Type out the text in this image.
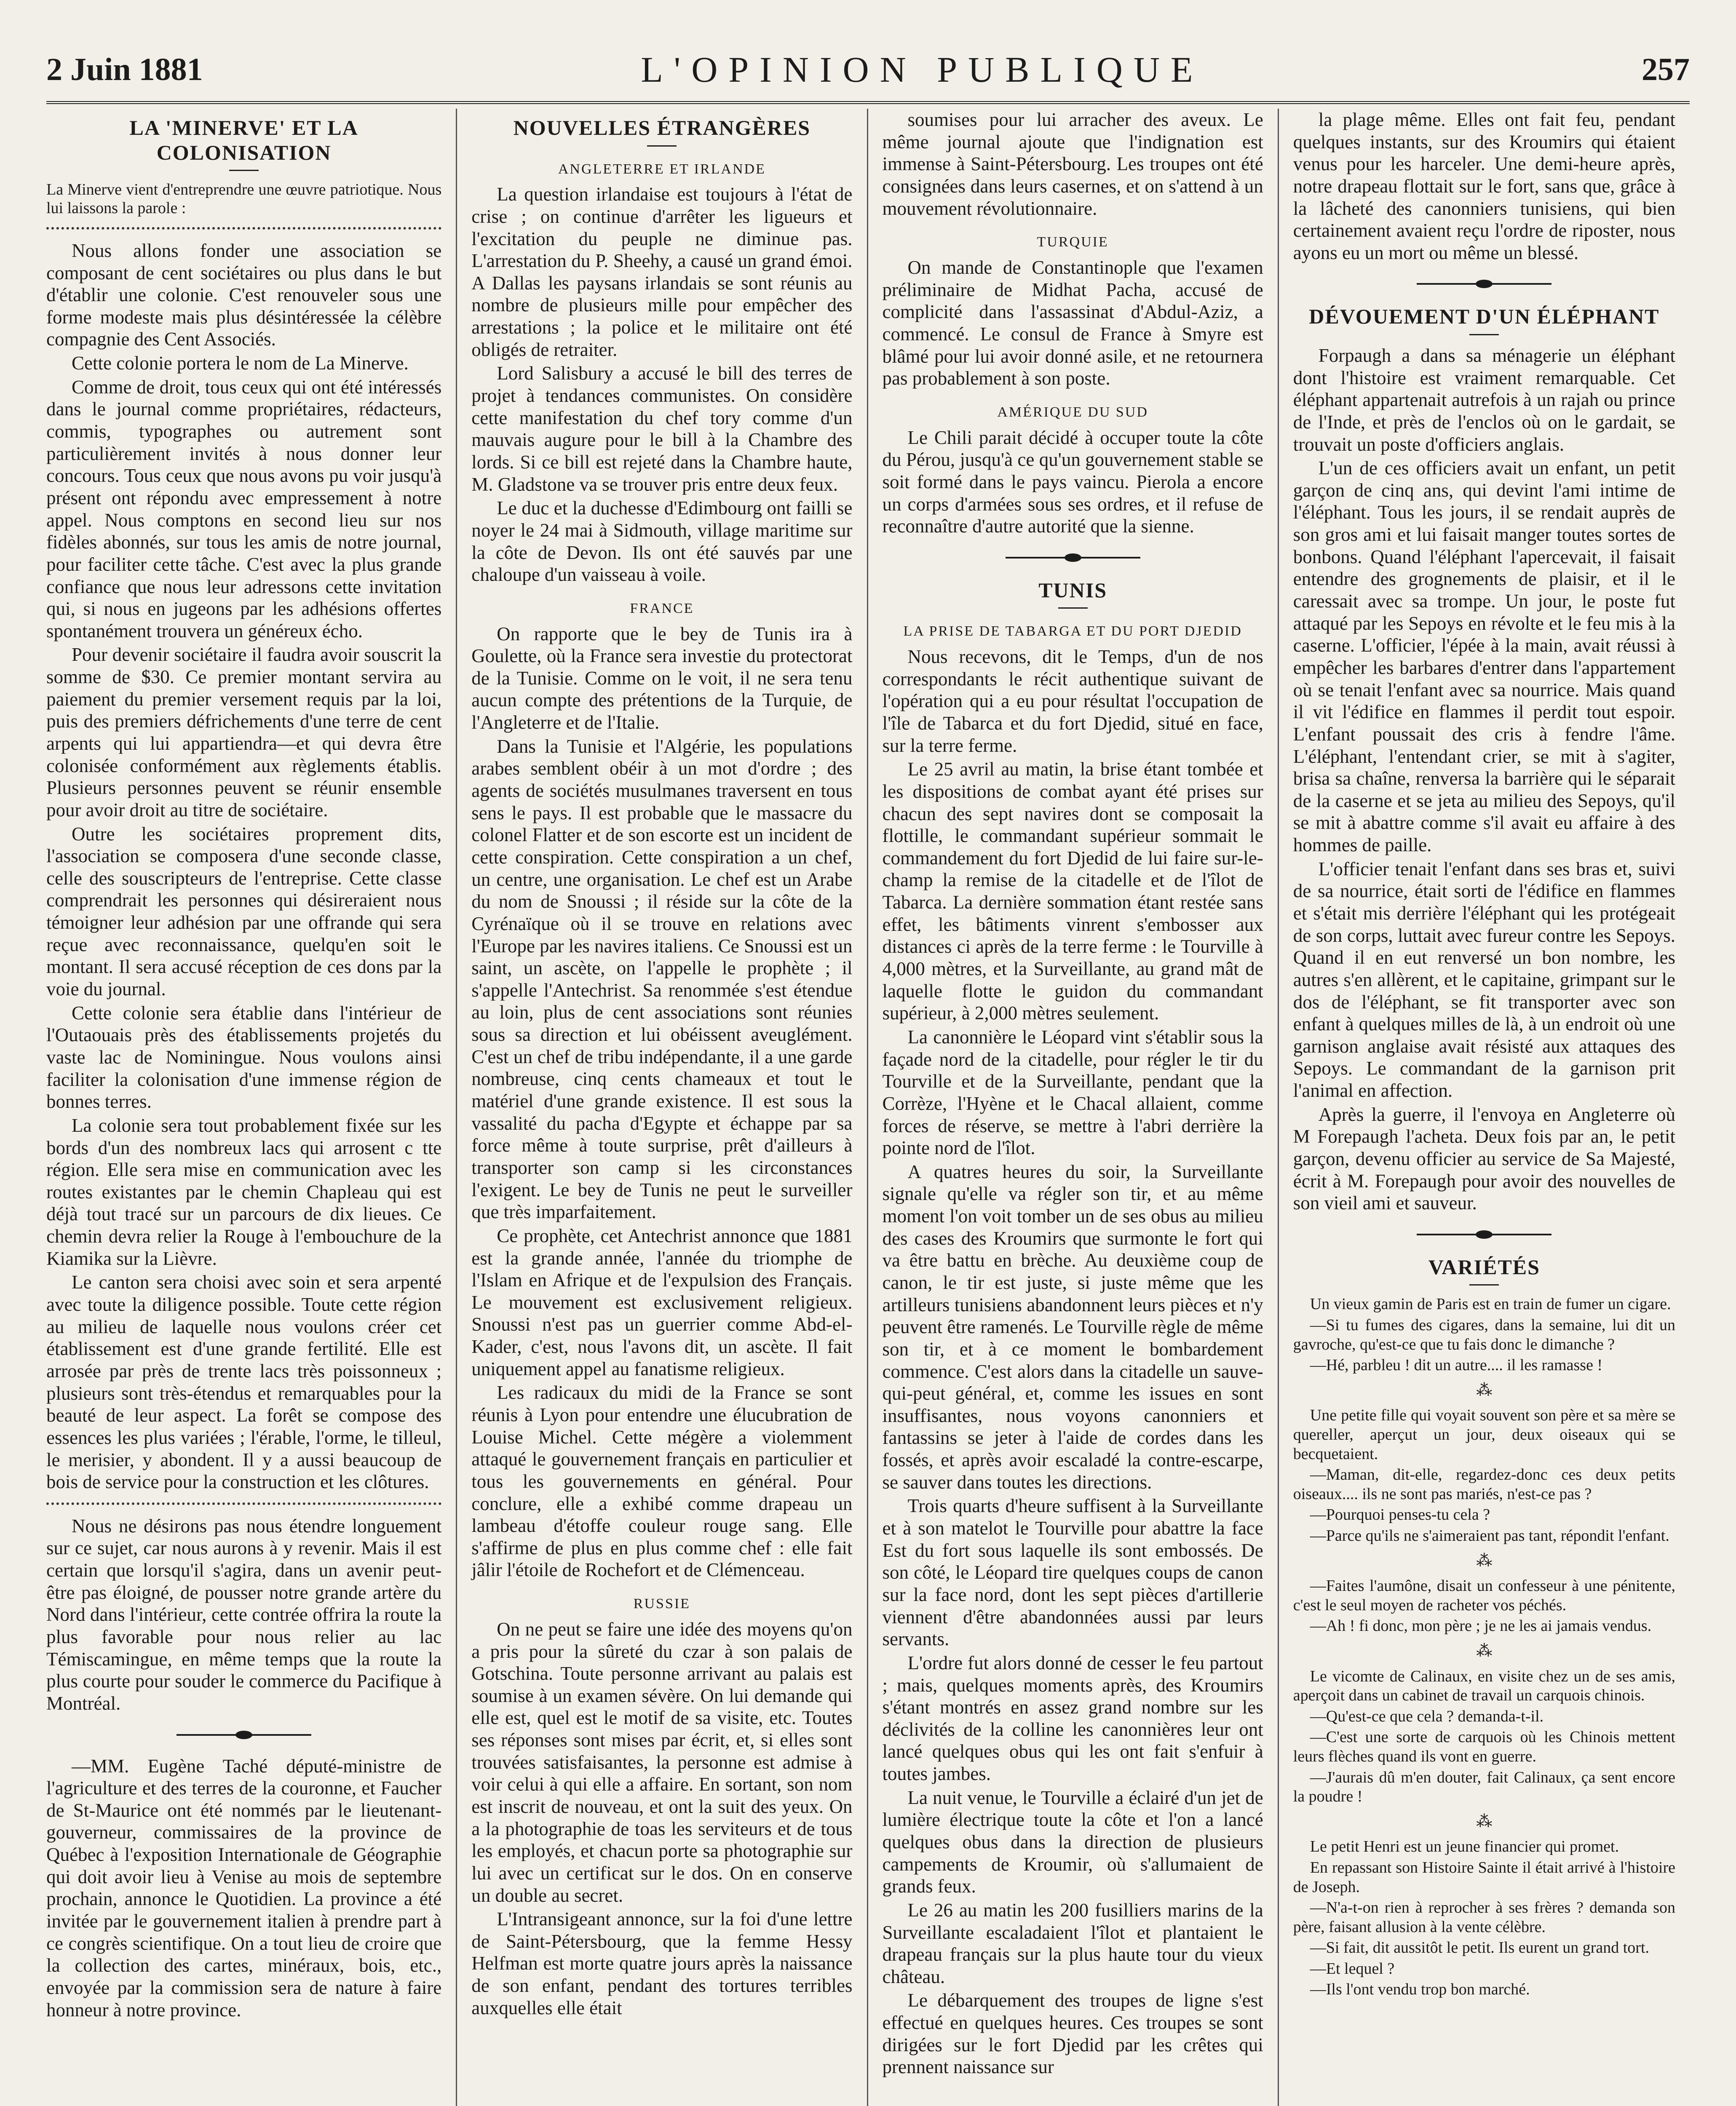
2 Juin 1881	L'OPINION PUBLIQUE	257
LA 'MINERVE' ET LA COLONISATION

La Minerve vient d'entreprendre une œuvre patriotique. Nous lui laissons la parole :

Nous allons fonder une association se composant de cent sociétaires ou plus dans le but d'établir une colonie. C'est renouveler sous une forme modeste mais plus désintéressée la célèbre compagnie des Cent Associés.

Cette colonie portera le nom de La Minerve.

Comme de droit, tous ceux qui ont été intéressés dans le journal comme propriétaires, rédacteurs, commis, typographes ou autrement sont particulièrement invités à nous donner leur concours. Tous ceux que nous avons pu voir jusqu'à présent ont répondu avec empressement à notre appel. Nous comptons en second lieu sur nos fidèles abonnés, sur tous les amis de notre journal, pour faciliter cette tâche. C'est avec la plus grande confiance que nous leur adressons cette invitation qui, si nous en jugeons par les adhésions offertes spontanément trouvera un généreux écho.

Pour devenir sociétaire il faudra avoir souscrit la somme de $30. Ce premier montant servira au paiement du premier versement requis par la loi, puis des premiers défrichements d'une terre de cent arpents qui lui appartiendra—et qui devra être colonisée conformément aux règlements établis. Plusieurs personnes peuvent se réunir ensemble pour avoir droit au titre de sociétaire.

Outre les sociétaires proprement dits, l'association se composera d'une seconde classe, celle des souscripteurs de l'entreprise. Cette classe comprendrait les personnes qui désireraient nous témoigner leur adhésion par une offrande qui sera reçue avec reconnaissance, quelqu'en soit le montant. Il sera accusé réception de ces dons par la voie du journal.

Cette colonie sera établie dans l'intérieur de l'Outaouais près des établissements projetés du vaste lac de Nominingue. Nous voulons ainsi faciliter la colonisation d'une immense région de bonnes terres.

La colonie sera tout probablement fixée sur les bords d'un des nombreux lacs qui arrosent c tte région. Elle sera mise en communication avec les routes existantes par le chemin Chapleau qui est déjà tout tracé sur un parcours de dix lieues. Ce chemin devra relier la Rouge à l'embouchure de la Kiamika sur la Lièvre.

Le canton sera choisi avec soin et sera arpenté avec toute la diligence possible. Toute cette région au milieu de laquelle nous voulons créer cet établissement est d'une grande fertilité. Elle est arrosée par près de trente lacs très poissonneux ; plusieurs sont très-étendus et remarquables pour la beauté de leur aspect. La forêt se compose des essences les plus variées ; l'érable, l'orme, le tilleul, le merisier, y abondent. Il y a aussi beaucoup de bois de service pour la construction et les clôtures.

Nous ne désirons pas nous étendre longuement sur ce sujet, car nous aurons à y revenir. Mais il est certain que lorsqu'il s'agira, dans un avenir peut-être pas éloigné, de pousser notre grande artère du Nord dans l'intérieur, cette contrée offrira la route la plus favorable pour nous relier au lac Témiscamingue, en même temps que la route la plus courte pour souder le commerce du Pacifique à Montréal.

—MM. Eugène Taché député-ministre de l'agriculture et des terres de la couronne, et Faucher de St-Maurice ont été nommés par le lieutenant-gouverneur, commissaires de la province de Québec à l'exposition Internationale de Géographie qui doit avoir lieu à Venise au mois de septembre prochain, annonce le Quotidien. La province a été invitée par le gouvernement italien à prendre part à ce congrès scientifique. On a tout lieu de croire que la collection des cartes, minéraux, bois, etc., envoyée par la commission sera de nature à faire honneur à notre province.

NOUVELLES ÉTRANGÈRES
ANGLETERRE ET IRLANDE

La question irlandaise est toujours à l'état de crise ; on continue d'arrêter les ligueurs et l'excitation du peuple ne diminue pas. L'arrestation du P. Sheehy, a causé un grand émoi. A Dallas les paysans irlandais se sont réunis au nombre de plusieurs mille pour empêcher des arrestations ; la police et le militaire ont été obligés de retraiter.

Lord Salisbury a accusé le bill des terres de projet à tendances communistes. On considère cette manifestation du chef tory comme d'un mauvais augure pour le bill à la Chambre des lords. Si ce bill est rejeté dans la Chambre haute, M. Gladstone va se trouver pris entre deux feux.

Le duc et la duchesse d'Edimbourg ont failli se noyer le 24 mai à Sidmouth, village maritime sur la côte de Devon. Ils ont été sauvés par une chaloupe d'un vaisseau à voile.

FRANCE

On rapporte que le bey de Tunis ira à Goulette, où la France sera investie du protectorat de la Tunisie. Comme on le voit, il ne sera tenu aucun compte des prétentions de la Turquie, de l'Angleterre et de l'Italie.

Dans la Tunisie et l'Algérie, les populations arabes semblent obéir à un mot d'ordre ; des agents de sociétés musulmanes traversent en tous sens le pays. Il est probable que le massacre du colonel Flatter et de son escorte est un incident de cette conspiration. Cette conspiration a un chef, un centre, une organisation. Le chef est un Arabe du nom de Snoussi ; il réside sur la côte de la Cyrénaïque où il se trouve en relations avec l'Europe par les navires italiens. Ce Snoussi est un saint, un ascète, on l'appelle le prophète ; il s'appelle l'Antechrist. Sa renommée s'est étendue au loin, plus de cent associations sont réunies sous sa direction et lui obéissent aveuglément. C'est un chef de tribu indépendante, il a une garde nombreuse, cinq cents chameaux et tout le matériel d'une grande existence. Il est sous la vassalité du pacha d'Egypte et échappe par sa force même à toute surprise, prêt d'ailleurs à transporter son camp si les circonstances l'exigent. Le bey de Tunis ne peut le surveiller que très imparfaitement.

Ce prophète, cet Antechrist annonce que 1881 est la grande année, l'année du triomphe de l'Islam en Afrique et de l'expulsion des Français. Le mouvement est exclusivement religieux. Snoussi n'est pas un guerrier comme Abd-el-Kader, c'est, nous l'avons dit, un ascète. Il fait uniquement appel au fanatisme religieux.

Les radicaux du midi de la France se sont réunis à Lyon pour entendre une élucubration de Louise Michel. Cette mégère a violemment attaqué le gouvernement français en particulier et tous les gouvernements en général. Pour conclure, elle a exhibé comme drapeau un lambeau d'étoffe couleur rouge sang. Elle s'affirme de plus en plus comme chef : elle fait jâlir l'étoile de Rochefort et de Clémenceau.

RUSSIE

On ne peut se faire une idée des moyens qu'on a pris pour la sûreté du czar à son palais de Gotschina. Toute personne arrivant au palais est soumise à un examen sévère. On lui demande qui elle est, quel est le motif de sa visite, etc. Toutes ses réponses sont mises par écrit, et, si elles sont trouvées satisfaisantes, la personne est admise à voir celui à qui elle a affaire. En sortant, son nom est inscrit de nouveau, et ont la suit des yeux. On a la photographie de toas les serviteurs et de tous les employés, et chacun porte sa photographie sur lui avec un certificat sur le dos. On en conserve un double au secret.

L'Intransigeant annonce, sur la foi d'une lettre de Saint-Pétersbourg, que la femme Hessy Helfman est morte quatre jours après la naissance de son enfant, pendant des tortures terribles auxquelles elle était

soumises pour lui arracher des aveux. Le même journal ajoute que l'indignation est immense à Saint-Pétersbourg. Les troupes ont été consignées dans leurs casernes, et on s'attend à un mouvement révolutionnaire.

TURQUIE

On mande de Constantinople que l'examen préliminaire de Midhat Pacha, accusé de complicité dans l'assassinat d'Abdul-Aziz, a commencé. Le consul de France à Smyre est blâmé pour lui avoir donné asile, et ne retournera pas probablement à son poste.

AMÉRIQUE DU SUD

Le Chili parait décidé à occuper toute la côte du Pérou, jusqu'à ce qu'un gouvernement stable se soit formé dans le pays vaincu. Pierola a encore un corps d'armées sous ses ordres, et il refuse de reconnaître d'autre autorité que la sienne.

TUNIS
LA PRISE DE TABARGA ET DU PORT DJEDID

Nous recevons, dit le Temps, d'un de nos correspondants le récit authentique suivant de l'opération qui a eu pour résultat l'occupation de l'île de Tabarca et du fort Djedid, situé en face, sur la terre ferme.

Le 25 avril au matin, la brise étant tombée et les dispositions de combat ayant été prises sur chacun des sept navires dont se composait la flottille, le commandant supérieur sommait le commandement du fort Djedid de lui faire sur-le-champ la remise de la citadelle et de l'îlot de Tabarca. La dernière sommation étant restée sans effet, les bâtiments vinrent s'embosser aux distances ci après de la terre ferme : le Tourville à 4,000 mètres, et la Surveillante, au grand mât de laquelle flotte le guidon du commandant supérieur, à 2,000 mètres seulement.

La canonnière le Léopard vint s'établir sous la façade nord de la citadelle, pour régler le tir du Tourville et de la Surveillante, pendant que la Corrèze, l'Hyène et le Chacal allaient, comme forces de réserve, se mettre à l'abri derrière la pointe nord de l'îlot.

A quatres heures du soir, la Surveillante signale qu'elle va régler son tir, et au même moment l'on voit tomber un de ses obus au milieu des cases des Kroumirs que surmonte le fort qui va être battu en brèche. Au deuxième coup de canon, le tir est juste, si juste même que les artilleurs tunisiens abandonnent leurs pièces et n'y peuvent être ramenés. Le Tourville règle de même son tir, et à ce moment le bombardement commence. C'est alors dans la citadelle un sauve-qui-peut général, et, comme les issues en sont insuffisantes, nous voyons canonniers et fantassins se jeter à l'aide de cordes dans les fossés, et après avoir escaladé la contre-escarpe, se sauver dans toutes les directions.

Trois quarts d'heure suffisent à la Surveillante et à son matelot le Tourville pour abattre la face Est du fort sous laquelle ils sont embossés. De son côté, le Léopard tire quelques coups de canon sur la face nord, dont les sept pièces d'artillerie viennent d'être abandonnées aussi par leurs servants.

L'ordre fut alors donné de cesser le feu partout ; mais, quelques moments après, des Kroumirs s'étant montrés en assez grand nombre sur les déclivités de la colline les canonnières leur ont lancé quelques obus qui les ont fait s'enfuir à toutes jambes.

La nuit venue, le Tourville a éclairé d'un jet de lumière électrique toute la côte et l'on a lancé quelques obus dans la direction de plusieurs campements de Kroumir, où s'allumaient de grands feux.

Le 26 au matin les 200 fusilliers marins de la Surveillante escaladaient l'îlot et plantaient le drapeau français sur la plus haute tour du vieux château.

Le débarquement des troupes de ligne s'est effectué en quelques heures. Ces troupes se sont dirigées sur le fort Djedid par les crêtes qui prennent naissance sur

la plage même. Elles ont fait feu, pendant quelques instants, sur des Kroumirs qui étaient venus pour les harceler. Une demi-heure après, notre drapeau flottait sur le fort, sans que, grâce à la lâcheté des canonniers tunisiens, qui bien certainement avaient reçu l'ordre de riposter, nous ayons eu un mort ou même un blessé.

DÉVOUEMENT D'UN ÉLÉPHANT

Forpaugh a dans sa ménagerie un éléphant dont l'histoire est vraiment remarquable. Cet éléphant appartenait autrefois à un rajah ou prince de l'Inde, et près de l'enclos où on le gardait, se trouvait un poste d'officiers anglais.

L'un de ces officiers avait un enfant, un petit garçon de cinq ans, qui devint l'ami intime de l'éléphant. Tous les jours, il se rendait auprès de son gros ami et lui faisait manger toutes sortes de bonbons. Quand l'éléphant l'apercevait, il faisait entendre des grognements de plaisir, et il le caressait avec sa trompe. Un jour, le poste fut attaqué par les Sepoys en révolte et le feu mis à la caserne. L'officier, l'épée à la main, avait réussi à empêcher les barbares d'entrer dans l'appartement où se tenait l'enfant avec sa nourrice. Mais quand il vit l'édifice en flammes il perdit tout espoir. L'enfant poussait des cris à fendre l'âme. L'éléphant, l'entendant crier, se mit à s'agiter, brisa sa chaîne, renversa la barrière qui le séparait de la caserne et se jeta au milieu des Sepoys, qu'il se mit à abattre comme s'il avait eu affaire à des hommes de paille.

L'officier tenait l'enfant dans ses bras et, suivi de sa nourrice, était sorti de l'édifice en flammes et s'était mis derrière l'éléphant qui les protégeait de son corps, luttait avec fureur contre les Sepoys. Quand il en eut renversé un bon nombre, les autres s'en allèrent, et le capitaine, grimpant sur le dos de l'éléphant, se fit transporter avec son enfant à quelques milles de là, à un endroit où une garnison anglaise avait résisté aux attaques des Sepoys. Le commandant de la garnison prit l'animal en affection.

Après la guerre, il l'envoya en Angleterre où M Forepaugh l'acheta. Deux fois par an, le petit garçon, devenu officier au service de Sa Majesté, écrit à M. Forepaugh pour avoir des nouvelles de son vieil ami et sauveur.

VARIÉTÉS

Un vieux gamin de Paris est en train de fumer un cigare.

—Si tu fumes des cigares, dans la semaine, lui dit un gavroche, qu'est-ce que tu fais donc le dimanche ?

—Hé, parbleu ! dit un autre.... il les ramasse !

⁂

Une petite fille qui voyait souvent son père et sa mère se quereller, aperçut un jour, deux oiseaux qui se becquetaient.

—Maman, dit-elle, regardez-donc ces deux petits oiseaux.... ils ne sont pas mariés, n'est-ce pas ?

—Pourquoi penses-tu cela ?

—Parce qu'ils ne s'aimeraient pas tant, répondit l'enfant.

⁂

—Faites l'aumône, disait un confesseur à une pénitente, c'est le seul moyen de racheter vos péchés.

—Ah ! fi donc, mon père ; je ne les ai jamais vendus.

⁂

Le vicomte de Calinaux, en visite chez un de ses amis, aperçoit dans un cabinet de travail un carquois chinois.

—Qu'est-ce que cela ? demanda-t-il.

—C'est une sorte de carquois où les Chinois mettent leurs flèches quand ils vont en guerre.

—J'aurais dû m'en douter, fait Calinaux, ça sent encore la poudre !

⁂

Le petit Henri est un jeune financier qui promet.

En repassant son Histoire Sainte il était arrivé à l'histoire de Joseph.

—N'a-t-on rien à reprocher à ses frères ? demanda son père, faisant allusion à la vente célèbre.

—Si fait, dit aussitôt le petit. Ils eurent un grand tort.

—Et lequel ?

—Ils l'ont vendu trop bon marché.
